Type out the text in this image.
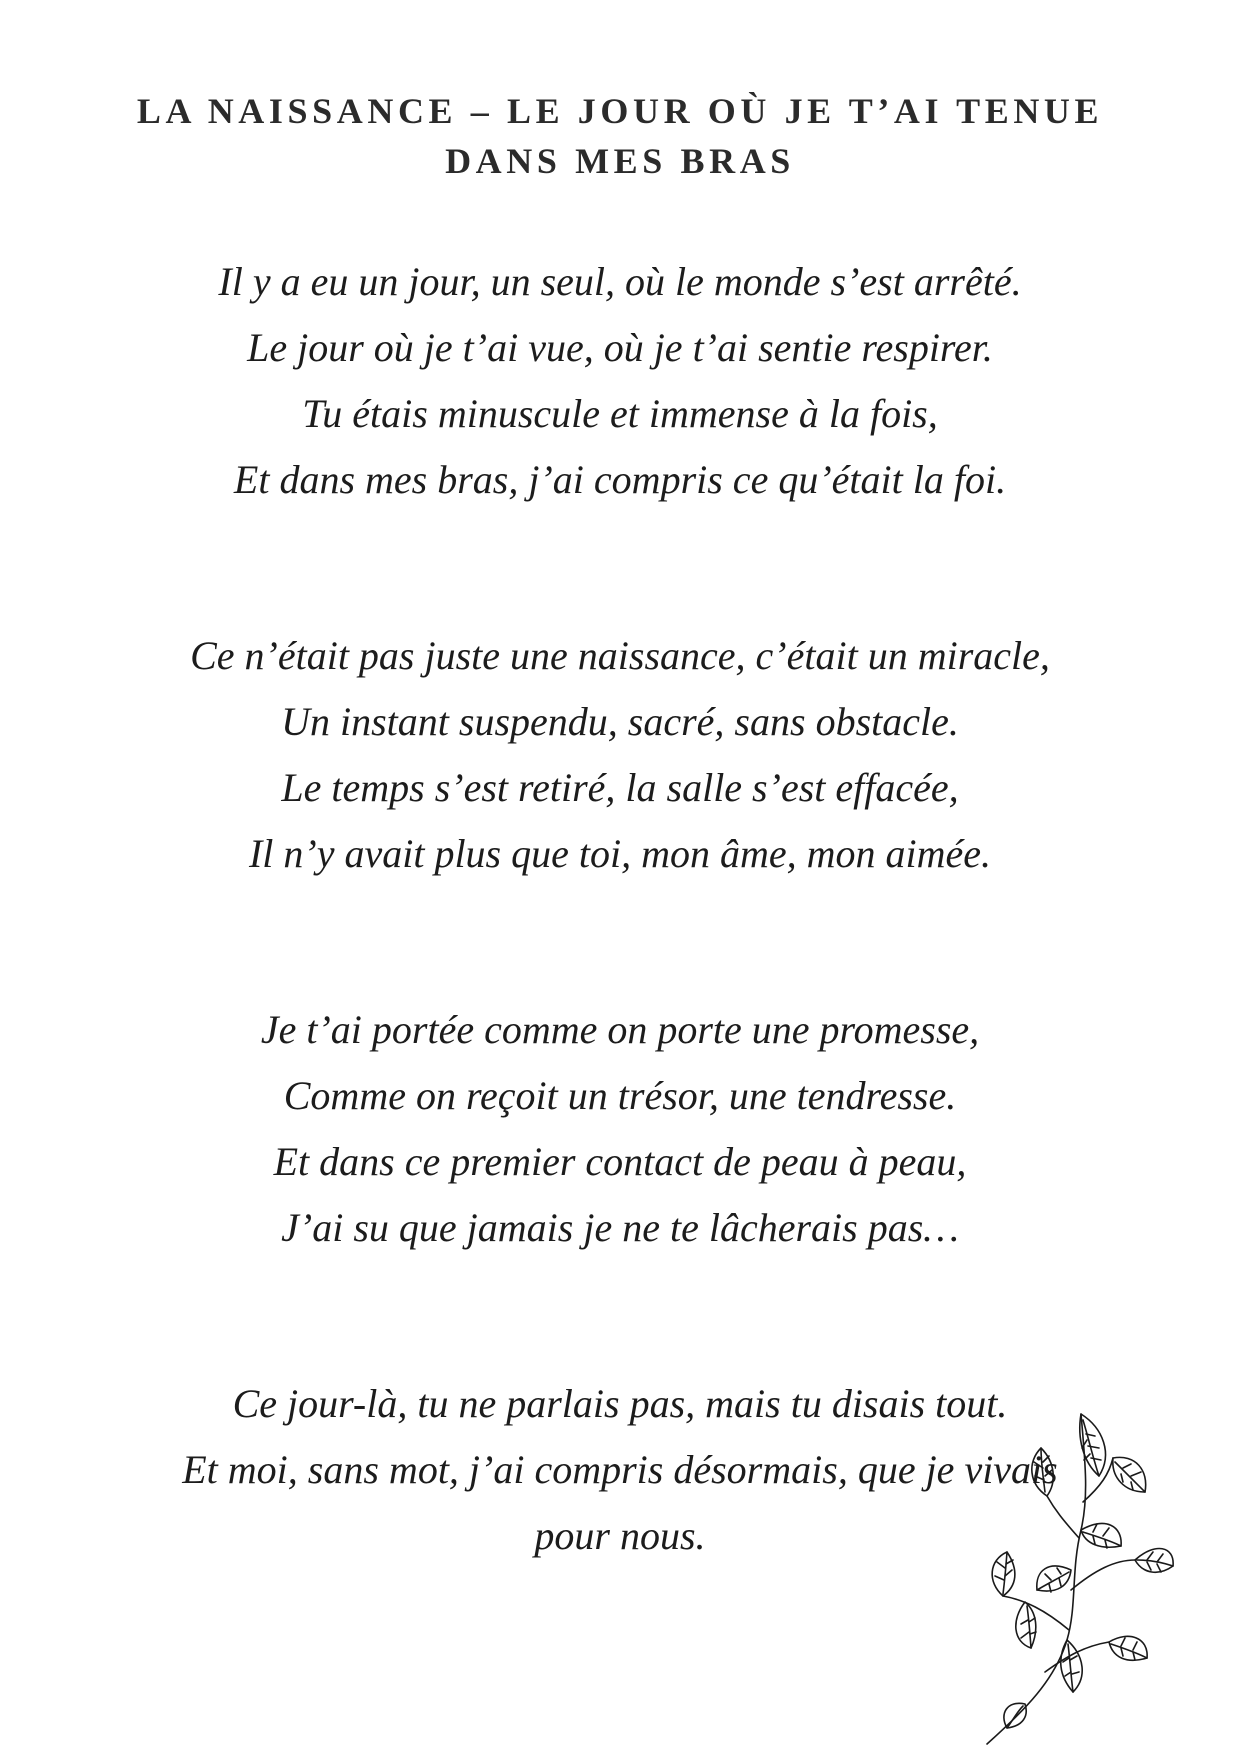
LA NAISSANCE – LE JOUR OÙ JE T’AI TENUE
DANS MES BRAS
Il y a eu un jour, un seul, où le monde s’est arrêté.
Le jour où je t’ai vue, où je t’ai sentie respirer.
Tu étais minuscule et immense à la fois,
Et dans mes bras, j’ai compris ce qu’était la foi.
Ce n’était pas juste une naissance, c’était un miracle,
Un instant suspendu, sacré, sans obstacle.
Le temps s’est retiré, la salle s’est effacée,
Il n’y avait plus que toi, mon âme, mon aimée.
Je t’ai portée comme on porte une promesse,
Comme on reçoit un trésor, une tendresse.
Et dans ce premier contact de peau à peau,
J’ai su que jamais je ne te lâcherais pas…
Ce jour-là, tu ne parlais pas, mais tu disais tout.
Et moi, sans mot, j’ai compris désormais, que je vivais
pour nous.
